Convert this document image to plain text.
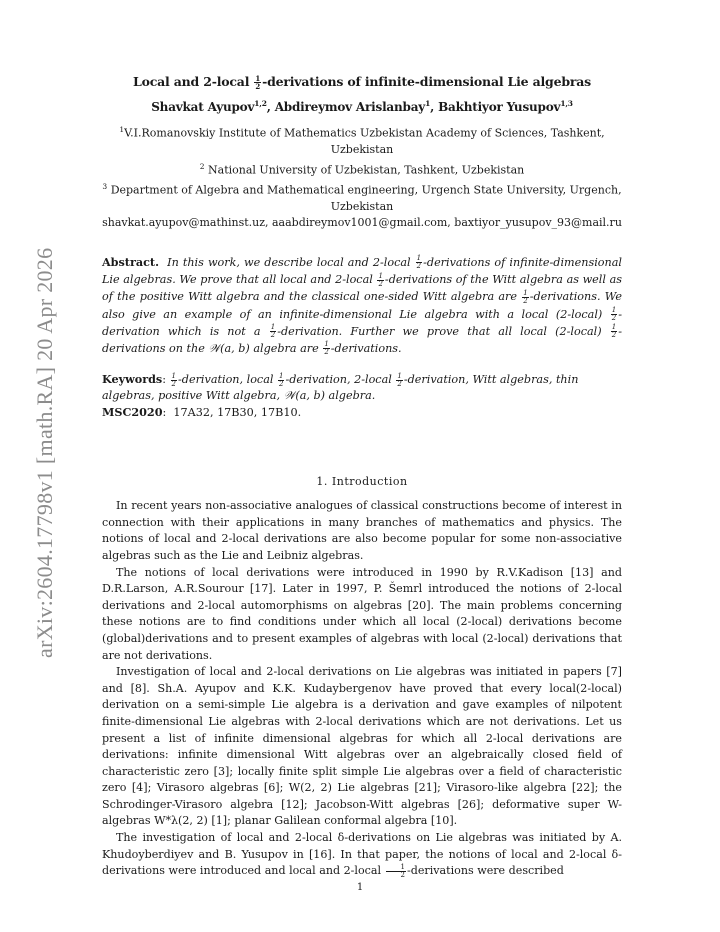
arXiv:2604.17798v1 [math.RA] 20 Apr 2026
Local and 2-local $\frac{1}{2}$ -derivations of infinite-dimensional Lie algebras
Shavkat Ayupov$^{1,2}$, Abdireymov Arislanbay$^1$, Bakhtiyor Yusupov$^{1,3}$

$^1$V.I.Romanovskiy Institute of Mathematics Uzbekistan Academy of Sciences, Tashkent, Uzbekistan

$^2$ National University of Uzbekistan, Tashkent, Uzbekistan

$^3$ Department of Algebra and Mathematical engineering, Urgench State University, Urgench, Uzbekistan

shavkat.ayupov@mathinst.uz, aaabdireymov1001@gmail.com, baxtiyor_yusupov_93@mail.ru

Abstract. In this work, we describe local and 2-local $\frac{1}{2}$ -derivations of infinite-dimensional Lie algebras. We prove that all local and 2-local $\frac{1}{2}$ -derivations of the Witt algebra as well as of the positive Witt algebra and the classical one-sided Witt algebra are $\frac{1}{2}$ -derivations. We also give an example of an infinite-dimensional Lie algebra with a local (2-local) $\frac{1}{2}$ -derivation which is not a $\frac{1}{2}$ -derivation. Further we prove that all local (2-local) $\frac{1}{2}$ -derivations on the 𝒲(a, b) algebra are $\frac{1}{2}$ -derivations.
Keywords: $\frac{1}{2}$ -derivation, local $\frac{1}{2}$ -derivation, 2-local $\frac{1}{2}$ -derivation, Witt algebras, thin algebras, positive Witt algebra, 𝒲(a, b) algebra.
MSC2020:  17A32, 17B30, 17B10.
1. Introduction

In recent years non-associative analogues of classical constructions become of interest in connection with their applications in many branches of mathematics and physics. The notions of local and 2-local derivations are also become popular for some non-associative algebras such as the Lie and Leibniz algebras.

The notions of local derivations were introduced in 1990 by R.V.Kadison [13] and D.R.Larson, A.R.Sourour [17]. Later in 1997, P. Šemrl introduced the notions of 2-local derivations and 2-local automorphisms on algebras [20]. The main problems concerning these notions are to find conditions under which all local (2-local) derivations become (global)derivations and to present examples of algebras with local (2-local) derivations that are not derivations.

Investigation of local and 2-local derivations on Lie algebras was initiated in papers [7] and [8]. Sh.A. Ayupov and K.K. Kudaybergenov have proved that every local(2-local) derivation on a semi-simple Lie algebra is a derivation and gave examples of nilpotent finite-dimensional Lie algebras with 2-local derivations which are not derivations. Let us present a list of infinite dimensional algebras for which all 2-local derivations are derivations: infinite dimensional Witt algebras over an algebraically closed field of characteristic zero [3]; locally finite split simple Lie algebras over a field of characteristic zero [4]; Virasoro algebras [6]; W(2, 2) Lie algebras [21]; Virasoro-like algebra [22]; the Schrodinger-Virasoro algebra [12]; Jacobson-Witt algebras [26]; deformative super W-algebras W*λ(2, 2) [1]; planar Galilean conformal algebra [10].

The investigation of local and 2-local δ-derivations on Lie algebras was initiated by A. Khudoyberdiyev and B. Yusupov in [16]. In that paper, the notions of local and 2-local δ-derivations were introduced and local and 2-local $\frac{1}{2}$ -derivations were described

1
